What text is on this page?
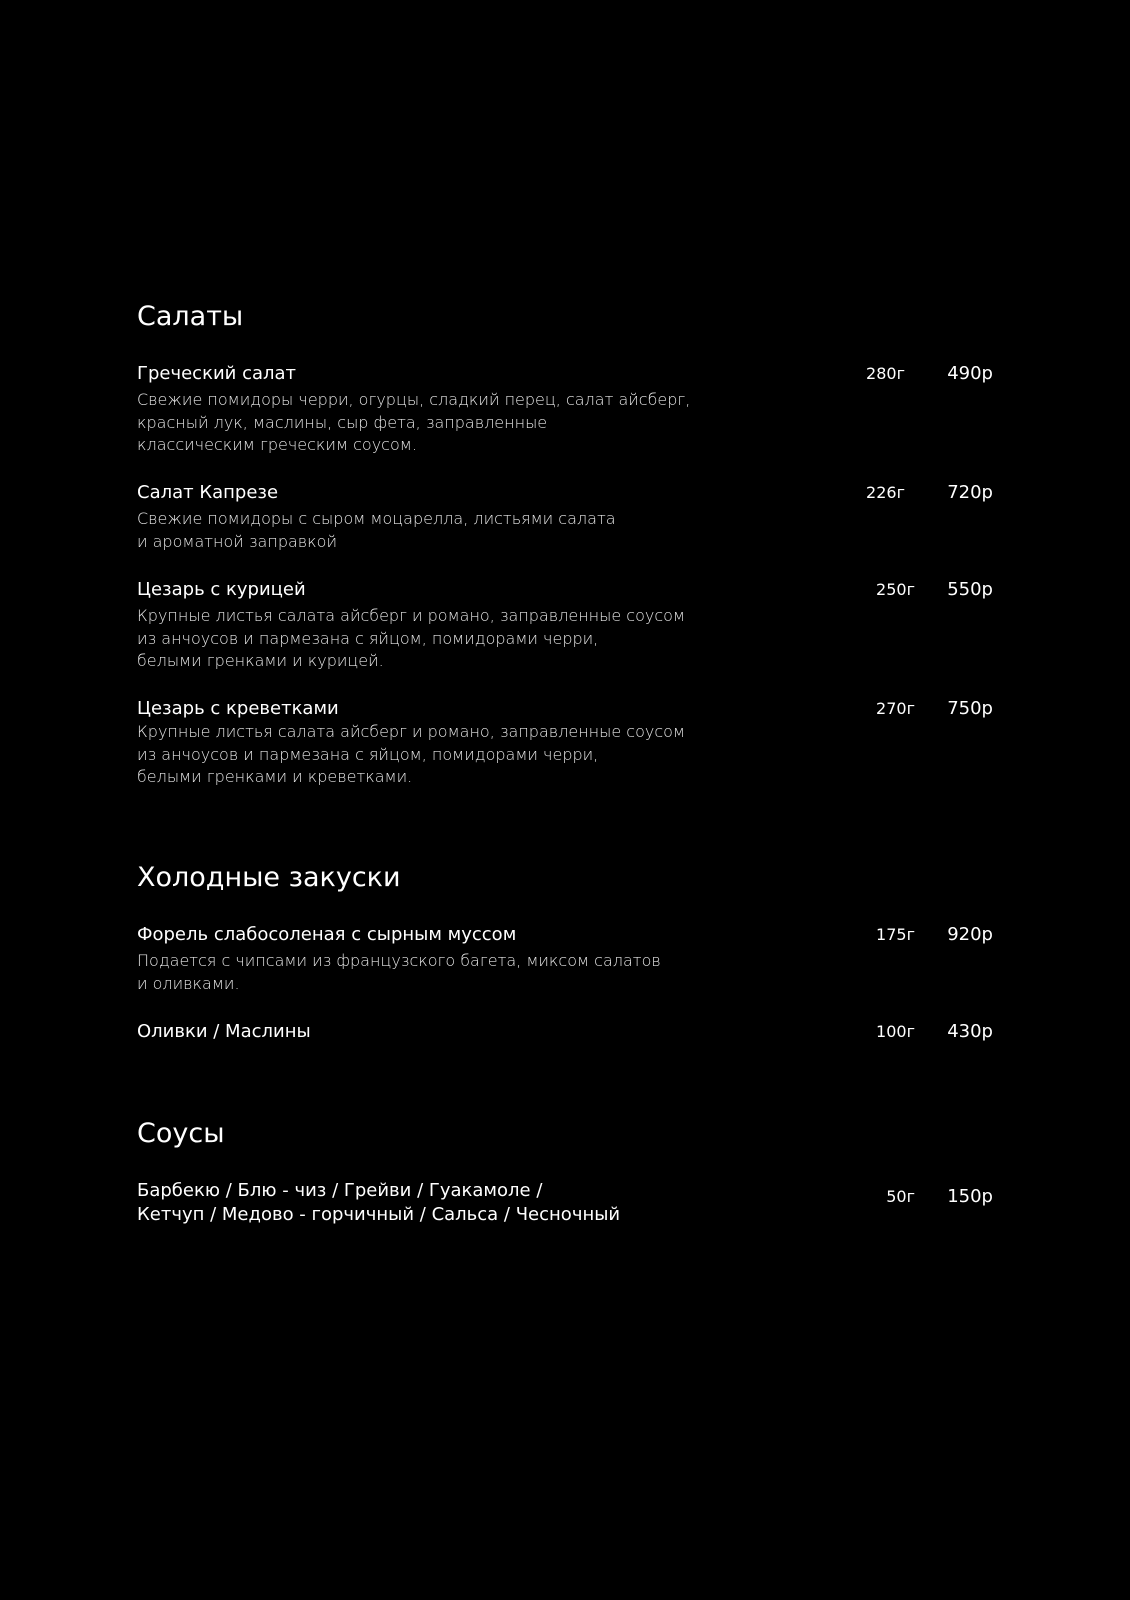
Салаты

Греческий салат

Свежие помидоры черри, огурцы, сладкий перец, салат айсберг,
красный лук, маслины, сыр фета, заправленные
классическим греческим соусом.

280г 490р

Салат Капрезе

Свежие помидоры с сыром моцарелла, листьями салата
и ароматной заправкой

226г 720р

Цезарь с курицей

Крупные листья салата айсберг и романо, заправленные соусом
из анчоусов и пармезана с яйцом, помидорами черри,
белыми гренками и курицей.

250г 550р

Цезарь с креветками

Крупные листья салата айсберг и романо, заправленные соусом
из анчоусов и пармезана с яйцом, помидорами черри,
белыми гренками и креветками.

270г 750р

Холодные закуски

Форель слабосоленая с сырным муссом

Подается с чипсами из французского багета, миксом салатов
и оливками.

175г 920р

Оливки / Маслины	100г 430р

Соусы

Барбекю / Блю - чиз / Грейви / Гуакамоле /
Кетчуп / Медово - горчичный / Сальса / Чесночный

50г 150р
